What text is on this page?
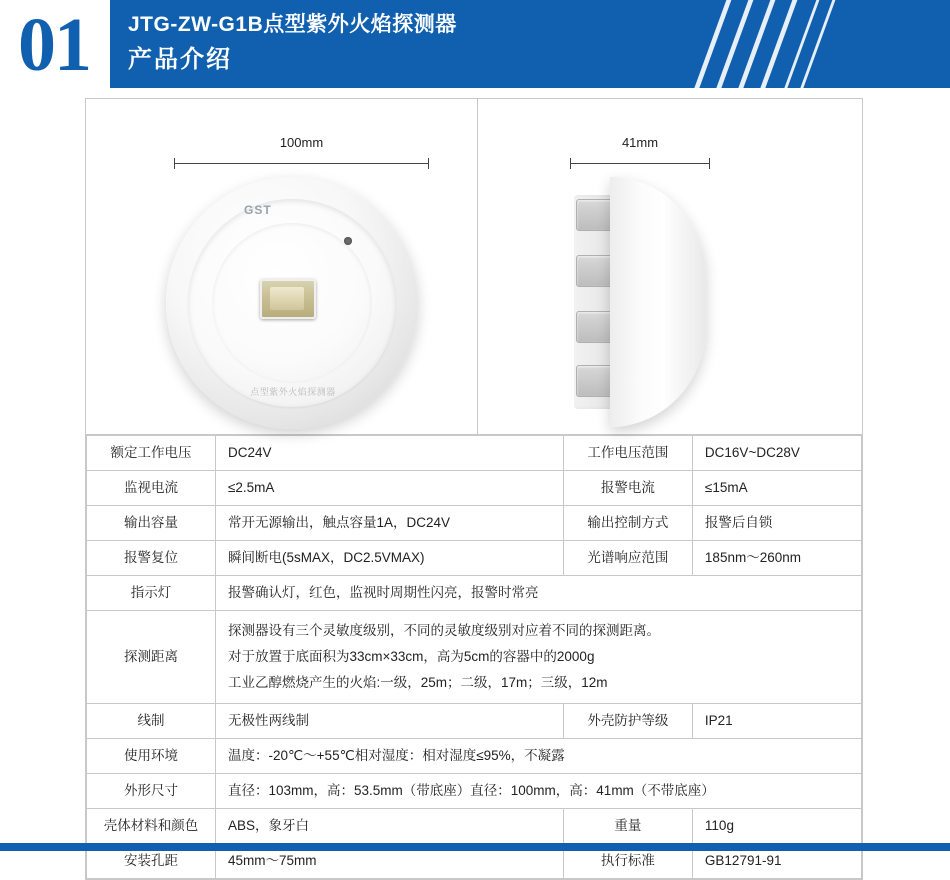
01	JTG-ZW-G1B点型紫外火焰探测器
产品介绍
100mm
GST
点型紫外火焰探测器
41mm
额定工作电压	DC24V	工作电压范围	DC16V~DC28V
监视电流	≤2.5mA	报警电流	≤15mA
输出容量	常开无源输出，触点容量1A，DC24V	输出控制方式	报警后自锁
报警复位	瞬间断电(5sMAX，DC2.5VMAX)	光谱响应范围	185nm～260nm
指示灯	报警确认灯，红色，监视时周期性闪亮，报警时常亮		
探测距离	探测器设有三个灵敏度级别，不同的灵敏度级别对应着不同的探测距离。
对于放置于底面积为33cm×33cm，高为5cm的容器中的2000g
工业乙醇燃烧产生的火焰:一级，25m；二级，17m；三级，12m		

线制	无极性两线制	外壳防护等级	IP21
使用环境	温度：-20℃～+55℃相对湿度：相对湿度≤95%，不凝露		
外形尺寸	直径：103mm，高：53.5mm（带底座）直径：100mm，高：41mm（不带底座）		
壳体材料和颜色	ABS，象牙白	重量	110g
安装孔距	45mm～75mm	执行标准	GB12791-91
